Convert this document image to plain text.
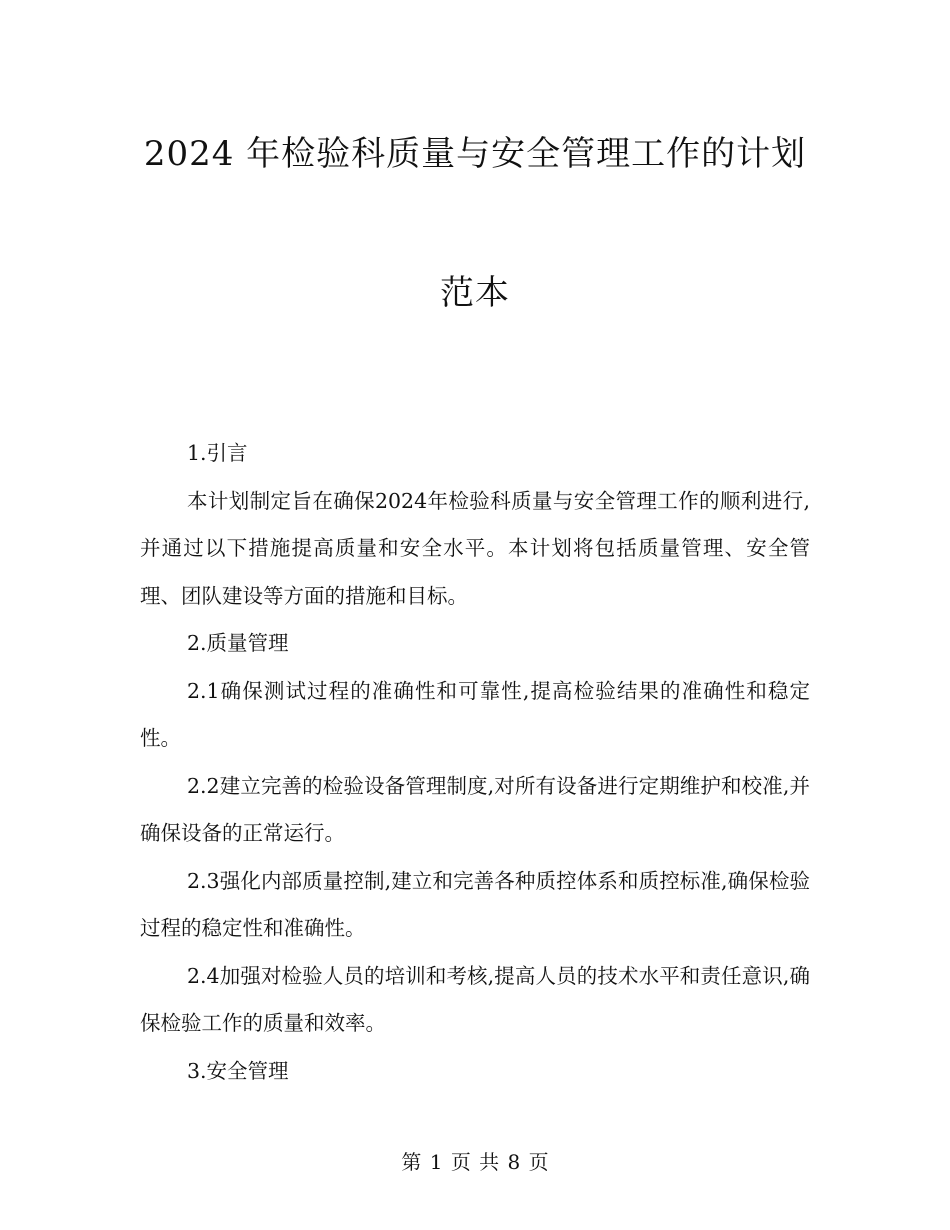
2024 年检验科质量与安全管理工作的计划
范本

1.引言

本计划制定旨在确保2024年检验科质量与安全管理工作的顺利进行,并通过以下措施提高质量和安全水平。本计划将包括质量管理、安全管理、团队建设等方面的措施和目标。

2.质量管理

2.1确保测试过程的准确性和可靠性,提高检验结果的准确性和稳定性。

2.2建立完善的检验设备管理制度,对所有设备进行定期维护和校准,并确保设备的正常运行。

2.3强化内部质量控制,建立和完善各种质控体系和质控标准,确保检验过程的稳定性和准确性。

2.4加强对检验人员的培训和考核,提高人员的技术水平和责任意识,确保检验工作的质量和效率。

3.安全管理

第 1 页 共 8 页
